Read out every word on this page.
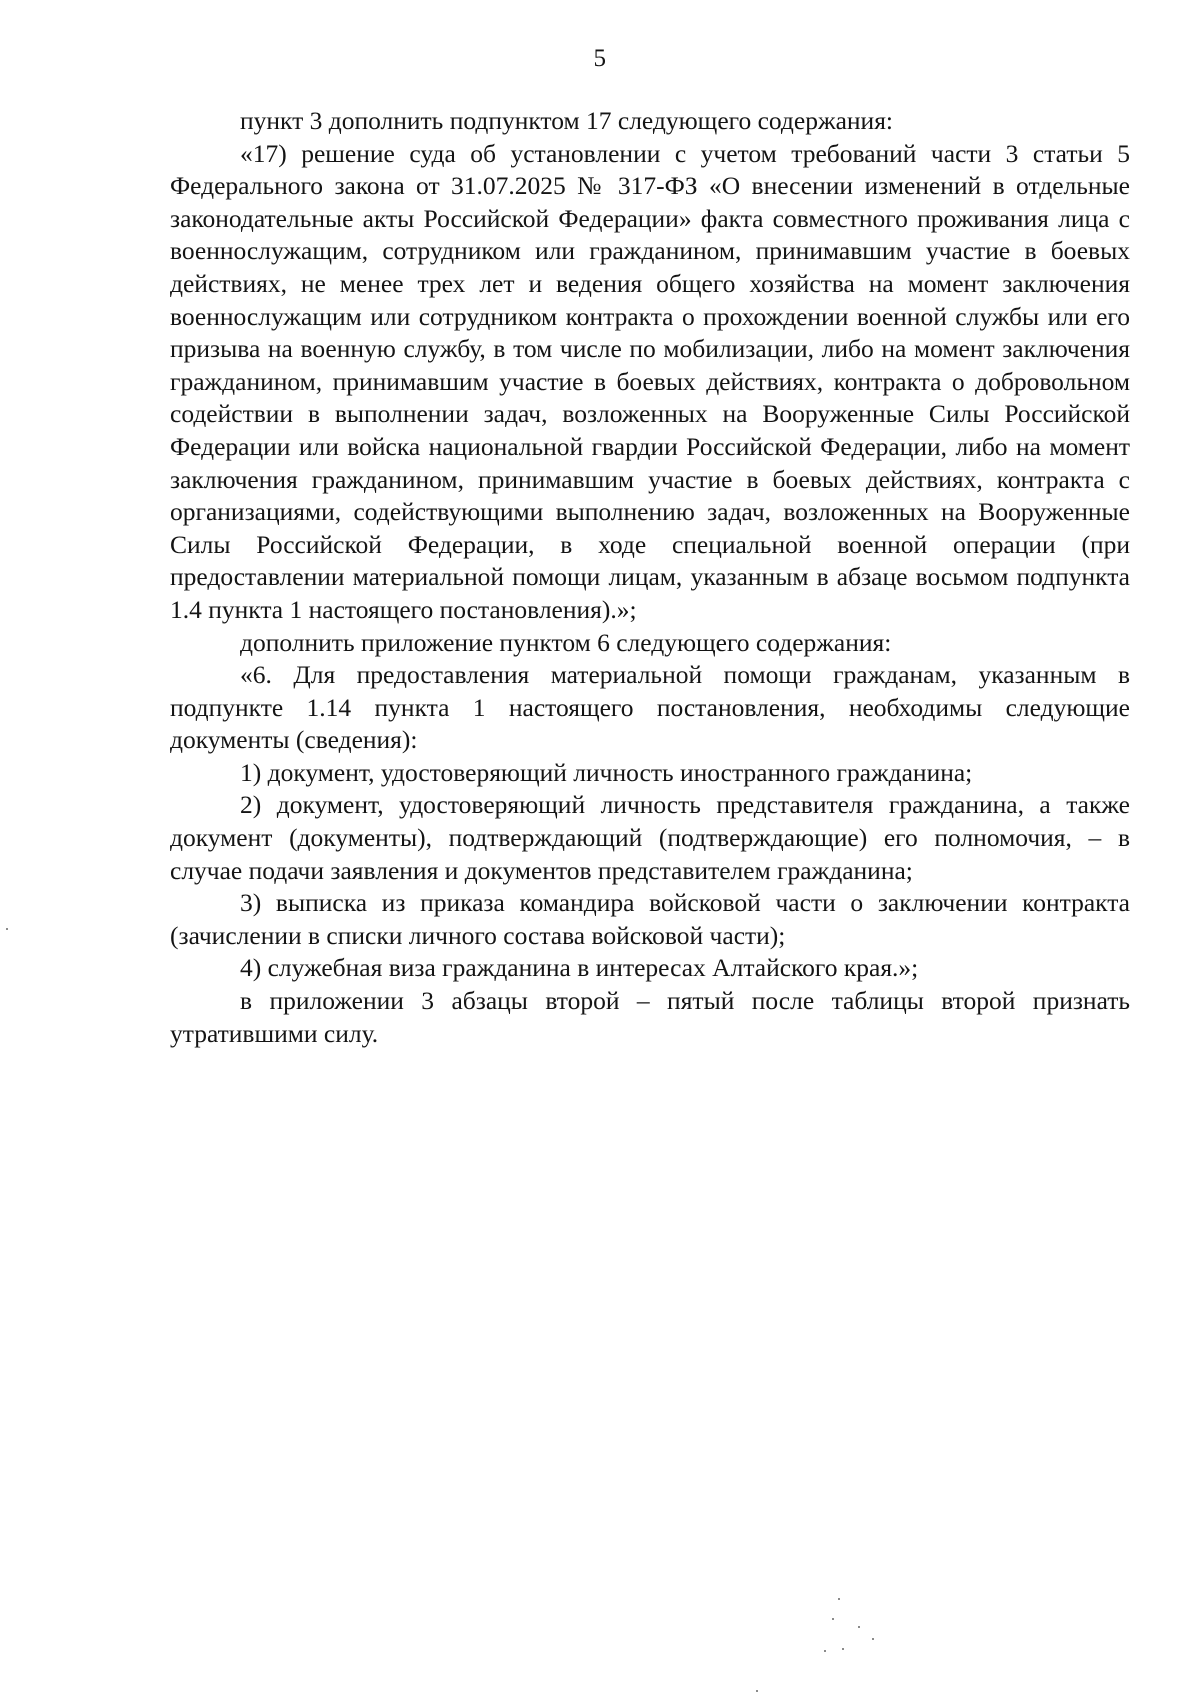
5

пункт 3 дополнить подпунктом 17 следующего содержания:

«17) решение суда об установлении с учетом требований части 3 статьи 5 Федерального закона от 31.07.2025 № 317-ФЗ «О внесении изменений в отдельные законодательные акты Российской Федерации» факта совместного проживания лица с военнослужащим, сотрудником или гражданином, принимавшим участие в боевых действиях, не менее трех лет и ведения общего хозяйства на момент заключения военнослужащим или сотрудником контракта о прохождении военной службы или его призыва на военную службу, в том числе по мобилизации, либо на момент заключения гражданином, принимавшим участие в боевых действиях, контракта о добровольном содействии в выполнении задач, возложенных на Вооруженные Силы Российской Федерации или войска национальной гвардии Российской Федерации, либо на момент заключения гражданином, принимавшим участие в боевых действиях, контракта с организациями, содействующими выполнению задач, возложенных на Вооруженные Силы Российской Федерации, в ходе специальной военной операции (при предоставлении материальной помощи лицам, указанным в абзаце восьмом подпункта 1.4 пункта 1 настоящего постановления).»;

дополнить приложение пунктом 6 следующего содержания:

«6. Для предоставления материальной помощи гражданам, указанным в подпункте 1.14 пункта 1 настоящего постановления, необходимы следующие документы (сведения):

1) документ, удостоверяющий личность иностранного гражданина;

2) документ, удостоверяющий личность представителя гражданина, а также документ (документы), подтверждающий (подтверждающие) его полномочия, – в случае подачи заявления и документов представителем гражданина;

3) выписка из приказа командира войсковой части о заключении контракта (зачислении в списки личного состава войсковой части);

4) служебная виза гражданина в интересах Алтайского края.»;

в приложении 3 абзацы второй – пятый после таблицы второй признать утратившими силу.
